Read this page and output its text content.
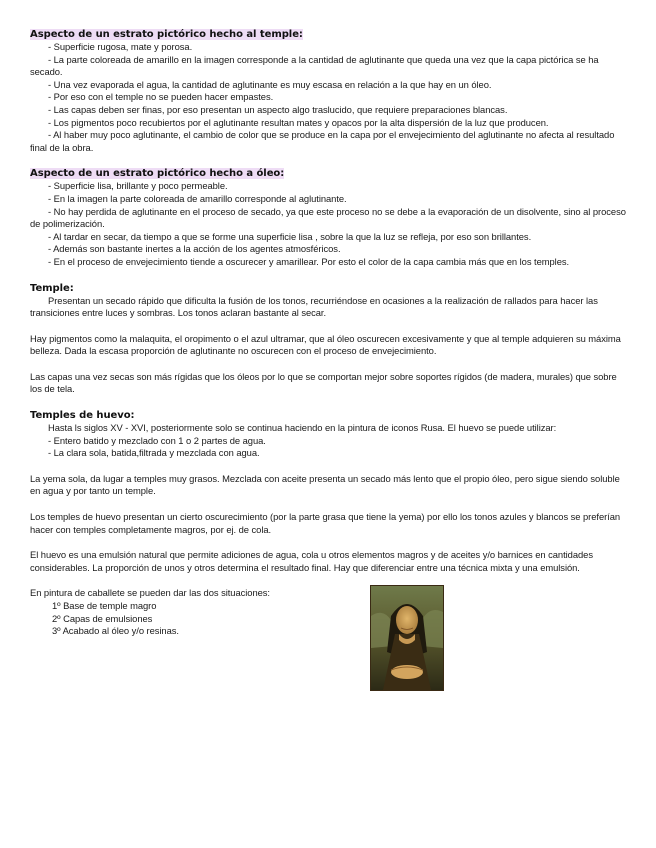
Aspecto de un estrato pictórico hecho al temple:

- Superficie rugosa, mate y porosa.

- La parte coloreada de amarillo en la imagen corresponde a la cantidad de aglutinante que queda una vez que la capa pictórica se ha secado.

- Una vez evaporada el agua, la cantidad de aglutinante es muy escasa en relación a la que hay en un óleo.

- Por eso con el temple no se pueden hacer empastes.

- Las capas deben ser finas, por eso presentan un aspecto algo traslucido, que requiere preparaciones blancas.

- Los pigmentos poco recubiertos por el aglutinante resultan mates y opacos por la alta dispersión de la luz que producen.

- Al haber muy poco aglutinante, el cambio de color que se produce en la capa por el envejecimiento del aglutinante no afecta al resultado final de la obra.

Aspecto de un estrato pictórico hecho a óleo:

- Superficie lisa, brillante y poco permeable.

- En la imagen la parte coloreada de amarillo corresponde al aglutinante.

- No hay perdida de aglutinante en el proceso de secado, ya que este proceso no se debe a la evaporación de un disolvente, sino al proceso de polimerización.

- Al tardar en secar, da tiempo a que se forme una superficie lisa , sobre la que la luz se refleja, por eso son brillantes.

- Además son bastante inertes a la acción de los agentes atmosféricos.

- En el proceso de envejecimiento tiende a oscurecer y amarillear. Por esto el color de la capa cambia más que en los temples.

Temple:

Presentan un secado rápido que dificulta la fusión de los tonos, recurriéndose en ocasiones a la realización de rallados para hacer las transiciones entre luces y sombras. Los tonos aclaran bastante al secar.

Hay pigmentos como la malaquita, el oropimento o el azul ultramar, que al óleo oscurecen excesivamente y que al temple adquieren su máxima belleza. Dada la escasa proporción de aglutinante no oscurecen con el proceso de envejecimiento.

Las capas una vez secas son más rígidas que los óleos por lo que se comportan mejor sobre soportes rígidos (de madera, murales) que sobre los de tela.

Temples de huevo:

Hasta ls siglos XV - XVI, posteriormente solo se continua haciendo en la pintura de iconos Rusa. El huevo se puede utilizar:

- Entero batido y mezclado con 1 o 2 partes de agua.

- La clara sola, batida,filtrada y mezclada con agua.

La yema sola, da lugar a temples muy grasos. Mezclada con aceite presenta un secado más lento que el propio óleo, pero sigue siendo soluble en agua y por tanto un temple.

Los temples de huevo presentan un cierto oscurecimiento (por la parte grasa que tiene la yema) por ello los tonos azules y blancos se preferían hacer con temples completamente magros, por ej. de cola.

El huevo es una emulsión natural que permite adiciones de agua, cola u otros elementos magros y de aceites y/o barnices en cantidades considerables. La proporción de unos y otros determina el resultado final. Hay que diferenciar entre una técnica mixta y una emulsión.

En pintura de caballete se pueden dar las dos situaciones:

1º Base de temple magro

2º Capas de emulsiones

3º Acabado al óleo y/o resinas.
